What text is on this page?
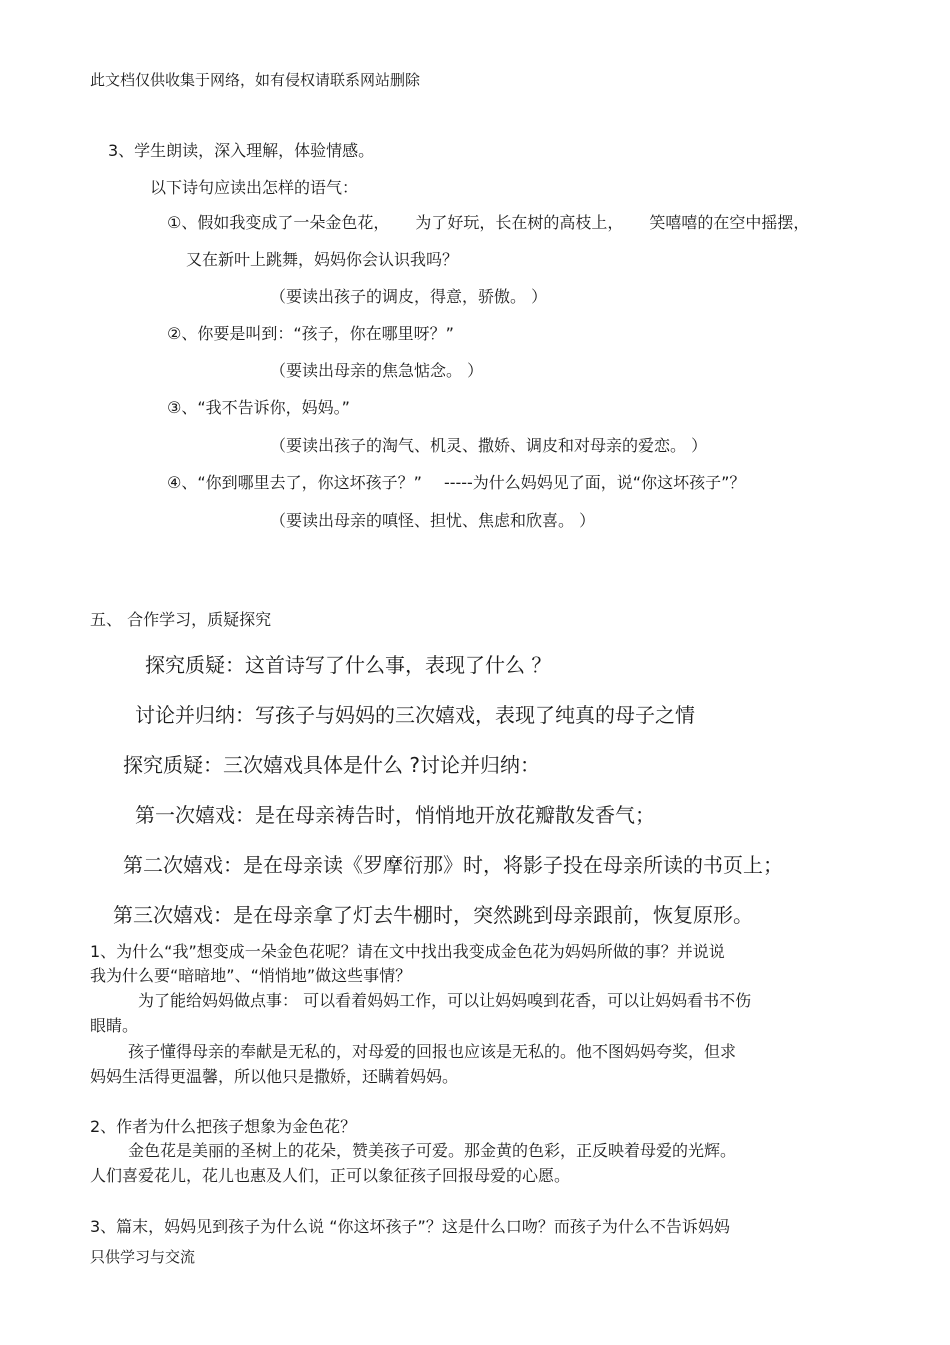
此文档仅供收集于网络，如有侵权请联系网站删除
3、学生朗读，深入理解，体验情感。
以下诗句应读出怎样的语气：
①、假如我变成了一朵金色花， 为了好玩，长在树的高枝上， 笑嘻嘻的在空中摇摆，
又在新叶上跳舞，妈妈你会认识我吗？
（要读出孩子的调皮，得意，骄傲。 ）
②、你要是叫到：“孩子，你在哪里呀？”
（要读出母亲的焦急惦念。 ）
③、“我不告诉你，妈妈。”
（要读出孩子的淘气、机灵、撒娇、调皮和对母亲的爱恋。 ）
④、“你到哪里去了，你这坏孩子？” -----为什么妈妈见了面，说“你这坏孩子”？
（要读出母亲的嗔怪、担忧、焦虑和欣喜。 ）
五、 合作学习，质疑探究
探究质疑：这首诗写了什么事，表现了什么 ？
讨论并归纳：写孩子与妈妈的三次嬉戏，表现了纯真的母子之情
探究质疑：三次嬉戏具体是什么 ?讨论并归纳：
第一次嬉戏：是在母亲祷告时，悄悄地开放花瓣散发香气；
第二次嬉戏：是在母亲读《罗摩衍那》时，将影子投在母亲所读的书页上；
第三次嬉戏：是在母亲拿了灯去牛棚时，突然跳到母亲跟前，恢复原形。
1、为什么“我”想变成一朵金色花呢？请在文中找出我变成金色花为妈妈所做的事？并说说
我为什么要“暗暗地”、“悄悄地”做这些事情？
为了能给妈妈做点事： 可以看着妈妈工作，可以让妈妈嗅到花香，可以让妈妈看书不伤
眼睛。
孩子懂得母亲的奉献是无私的，对母爱的回报也应该是无私的。他不图妈妈夸奖，但求
妈妈生活得更温馨，所以他只是撒娇，还瞒着妈妈。
2、作者为什么把孩子想象为金色花？
金色花是美丽的圣树上的花朵，赞美孩子可爱。那金黄的色彩，正反映着母爱的光辉。
人们喜爱花儿，花儿也惠及人们，正可以象征孩子回报母爱的心愿。
3、篇末，妈妈见到孩子为什么说 “你这坏孩子”？这是什么口吻？而孩子为什么不告诉妈妈
只供学习与交流
